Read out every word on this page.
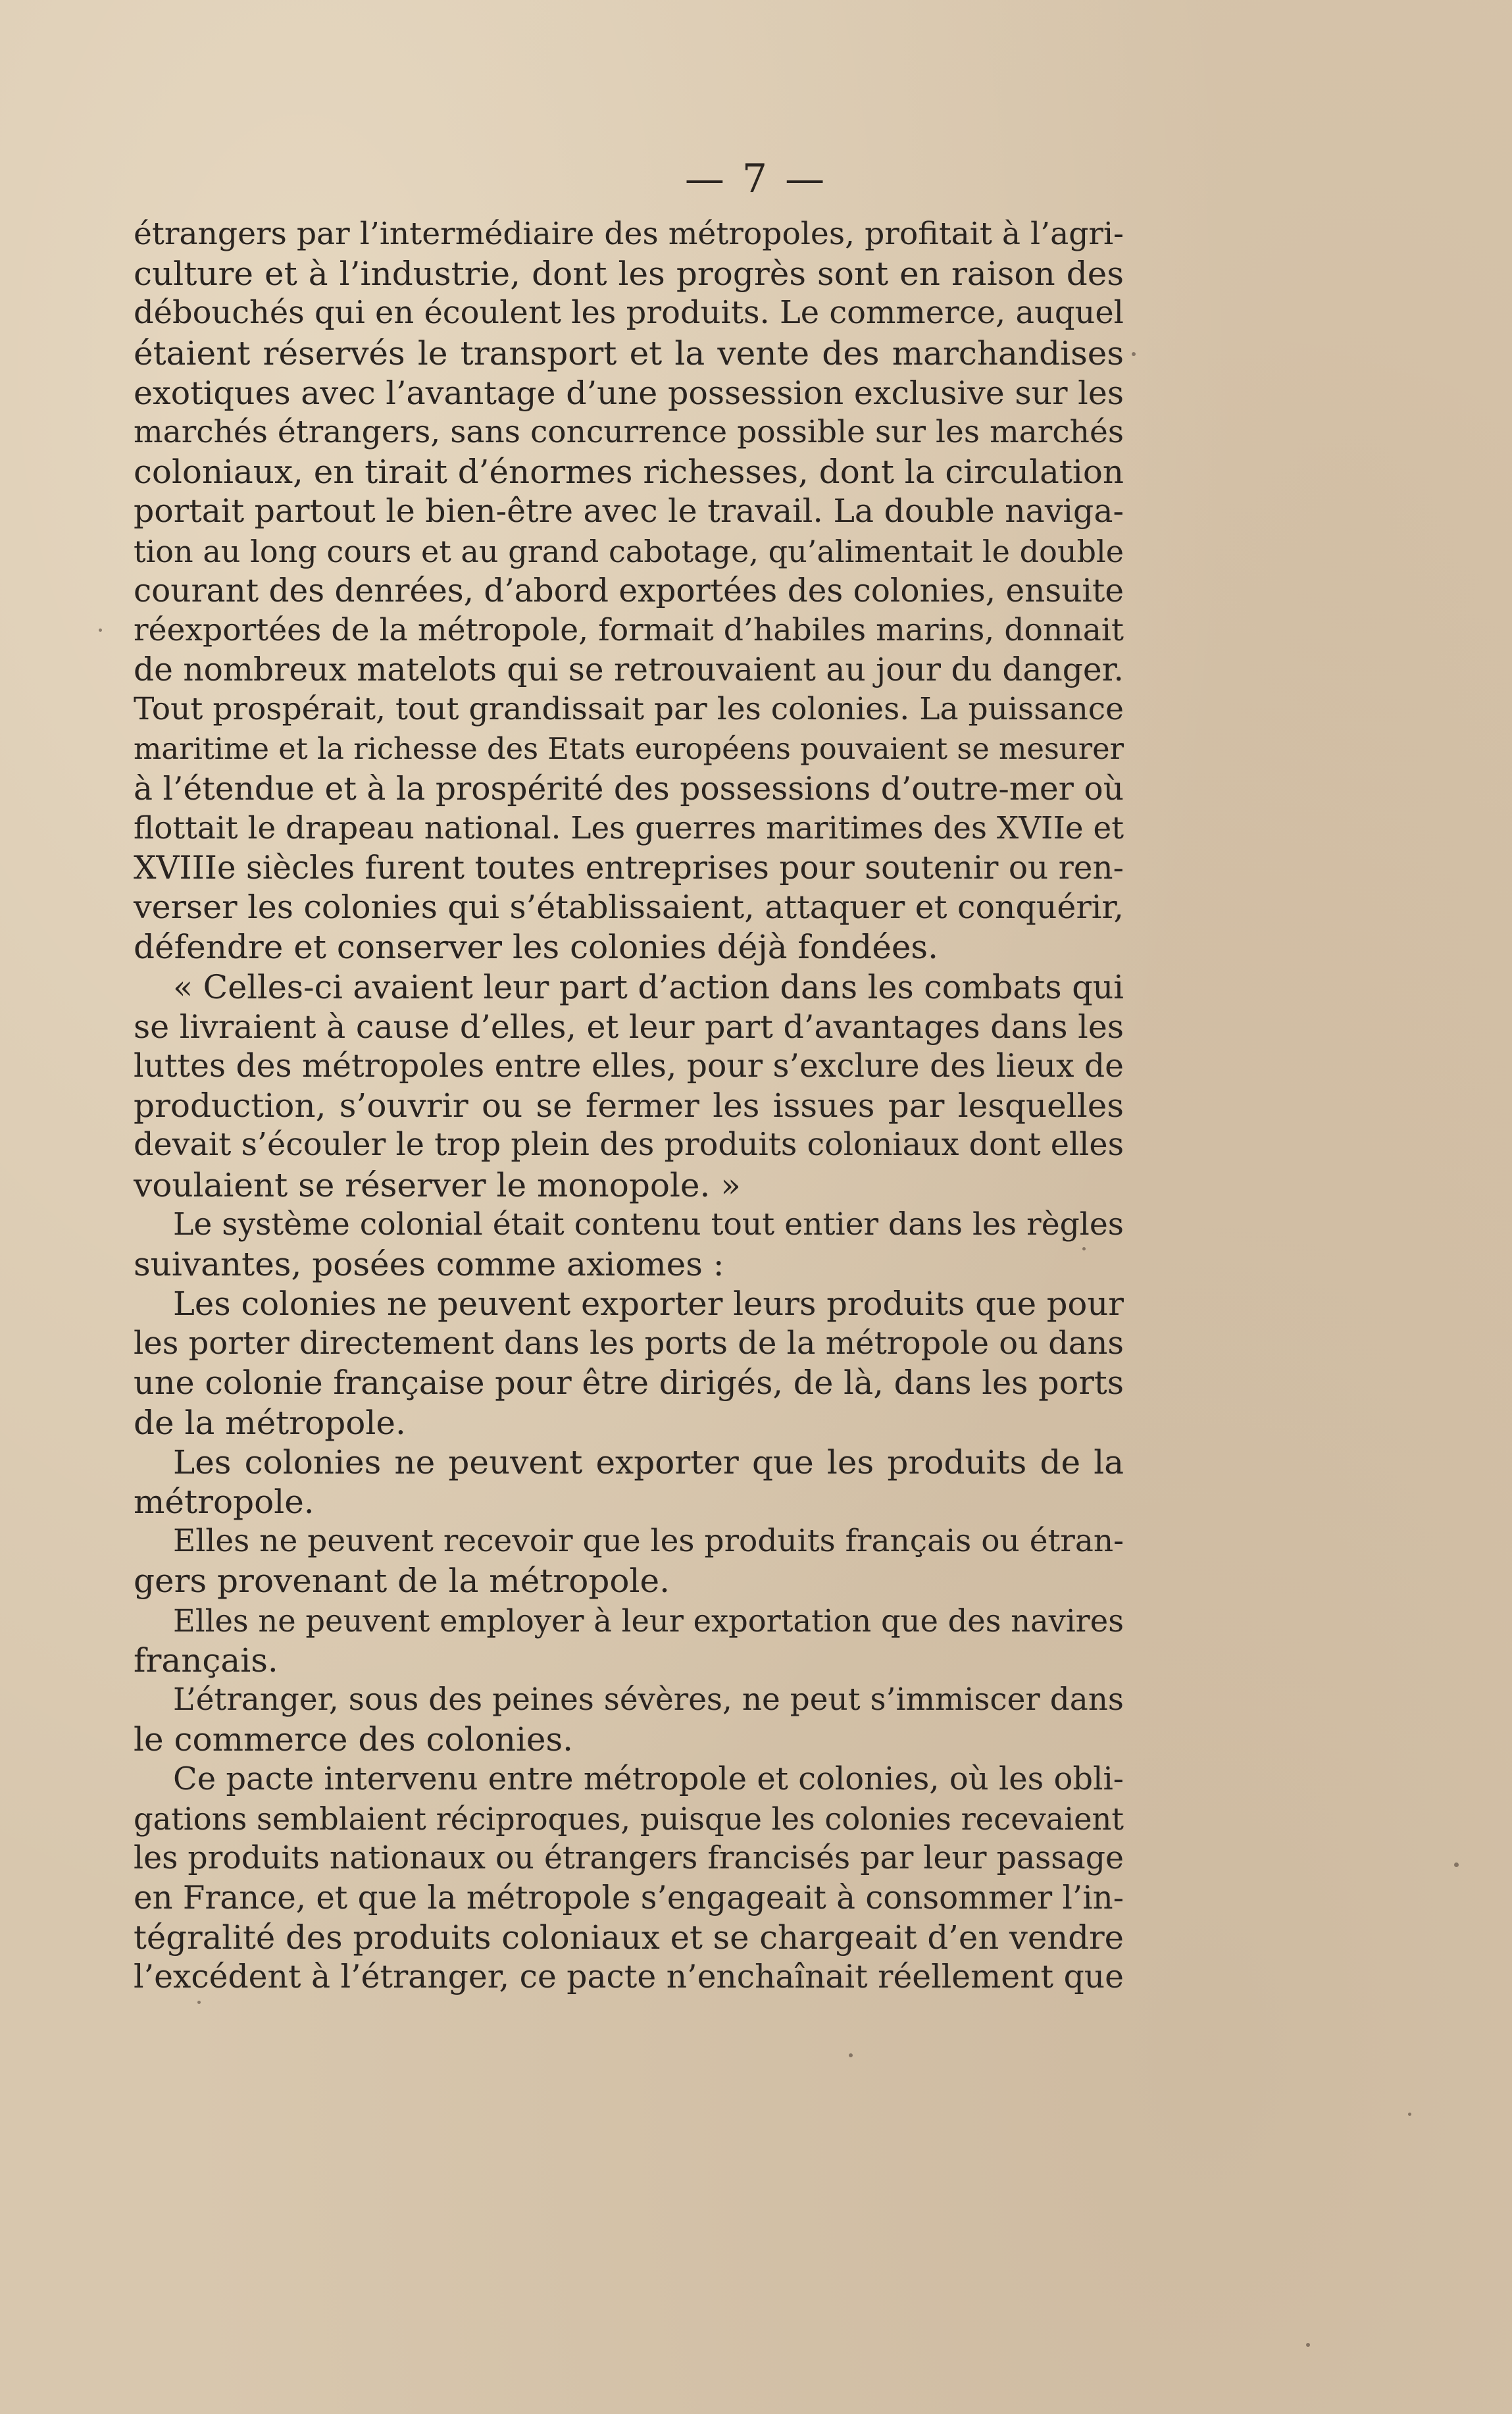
— 7 —
étrangers par l’intermédiaire des métropoles, profitait à l’agri-
culture et à l’industrie, dont les progrès sont en raison des
débouchés qui en écoulent les produits. Le commerce, auquel
étaient réservés le transport et la vente des marchandises
exotiques avec l’avantage d’une possession exclusive sur les
marchés étrangers, sans concurrence possible sur les marchés
coloniaux, en tirait d’énormes richesses, dont la circulation
portait partout le bien-être avec le travail. La double naviga-
tion au long cours et au grand cabotage, qu’alimentait le double
courant des denrées, d’abord exportées des colonies, ensuite
réexportées de la métropole, formait d’habiles marins, donnait
de nombreux matelots qui se retrouvaient au jour du danger.
Tout prospérait, tout grandissait par les colonies. La puissance
maritime et la richesse des Etats européens pouvaient se mesurer
à l’étendue et à la prospérité des possessions d’outre-mer où
flottait le drapeau national. Les guerres maritimes des XVIIe et
XVIIIe siècles furent toutes entreprises pour soutenir ou ren-
verser les colonies qui s’établissaient, attaquer et conquérir,
défendre et conserver les colonies déjà fondées.
« Celles-ci avaient leur part d’action dans les combats qui
se livraient à cause d’elles, et leur part d’avantages dans les
luttes des métropoles entre elles, pour s’exclure des lieux de
production, s’ouvrir ou se fermer les issues par lesquelles
devait s’écouler le trop plein des produits coloniaux dont elles
voulaient se réserver le monopole. »
Le système colonial était contenu tout entier dans les règles
suivantes, posées comme axiomes :
Les colonies ne peuvent exporter leurs produits que pour
les porter directement dans les ports de la métropole ou dans
une colonie française pour être dirigés, de là, dans les ports
de la métropole.
Les colonies ne peuvent exporter que les produits de la
métropole.
Elles ne peuvent recevoir que les produits français ou étran-
gers provenant de la métropole.
Elles ne peuvent employer à leur exportation que des navires
français.
L’étranger, sous des peines sévères, ne peut s’immiscer dans
le commerce des colonies.
Ce pacte intervenu entre métropole et colonies, où les obli-
gations semblaient réciproques, puisque les colonies recevaient
les produits nationaux ou étrangers francisés par leur passage
en France, et que la métropole s’engageait à consommer l’in-
tégralité des produits coloniaux et se chargeait d’en vendre
l’excédent à l’étranger, ce pacte n’enchaînait réellement que
